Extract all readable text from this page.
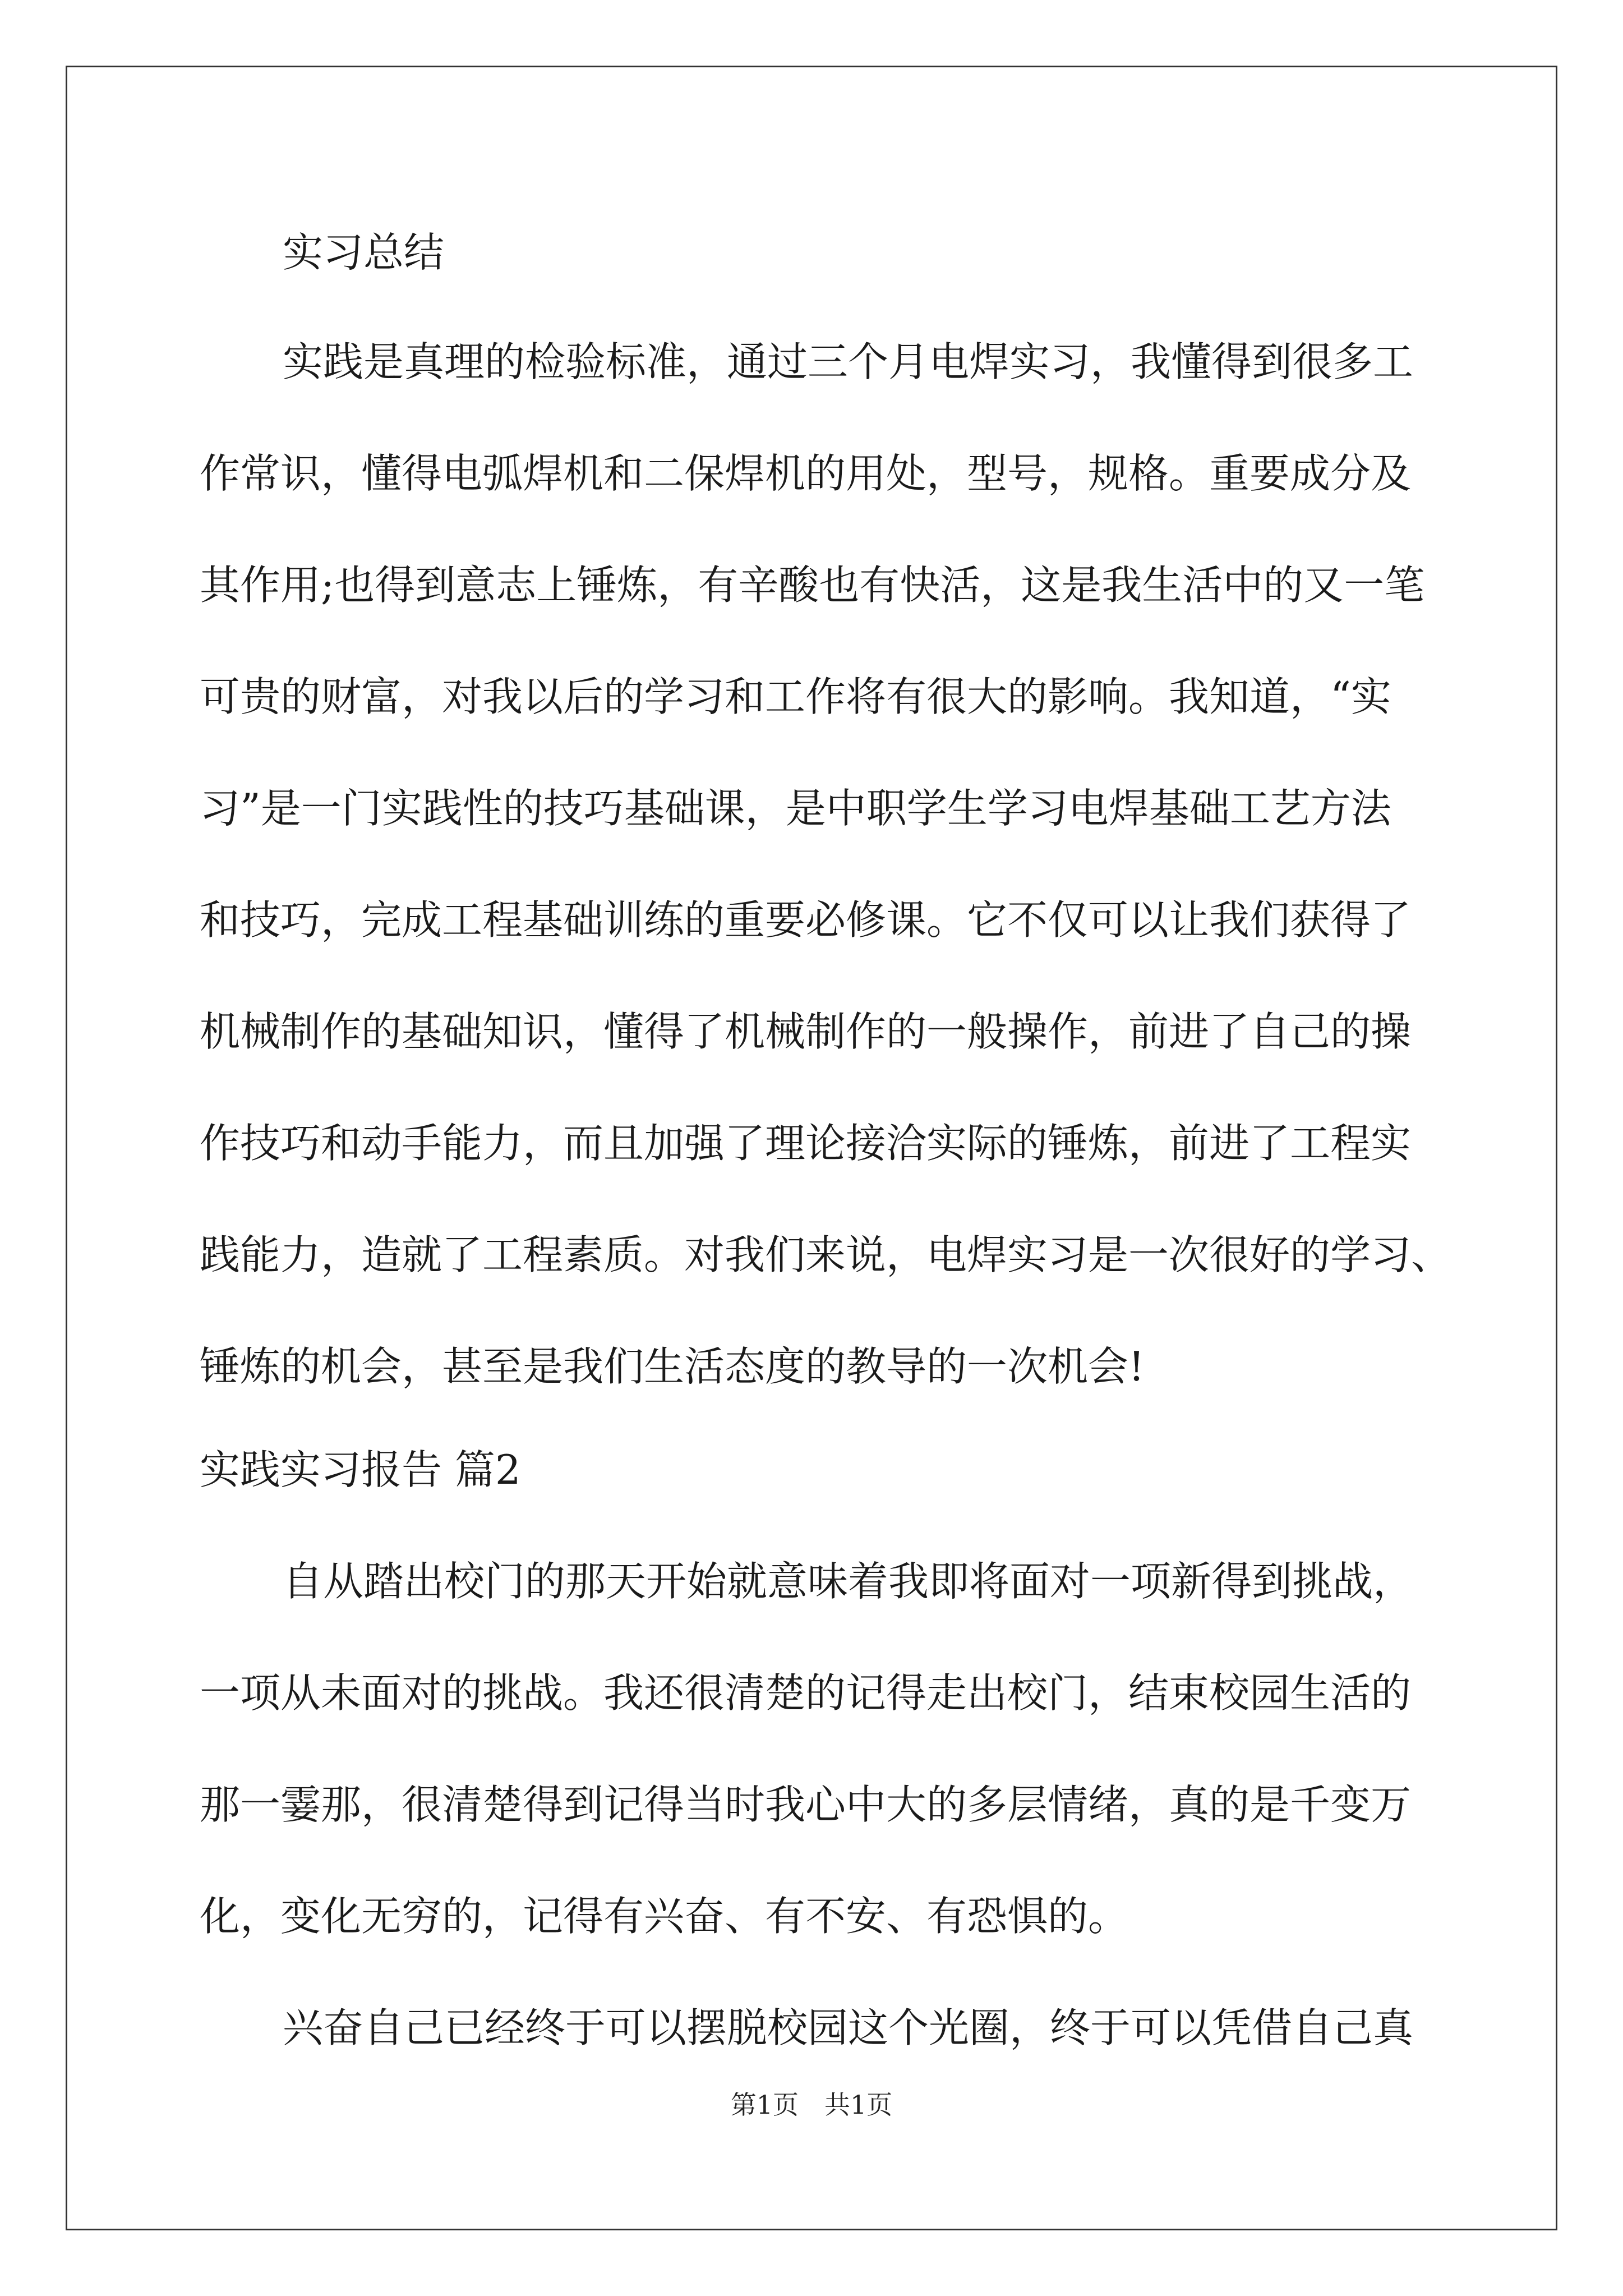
实习总结
实践是真理的检验标准，通过三个月电焊实习，我懂得到很多工
作常识，懂得电弧焊机和二保焊机的用处，型号，规格。重要成分及
其作用;也得到意志上锤炼，有辛酸也有快活，这是我生活中的又一笔
可贵的财富，对我以后的学习和工作将有很大的影响。我知道，“实
习”是一门实践性的技巧基础课，是中职学生学习电焊基础工艺方法
和技巧，完成工程基础训练的重要必修课。它不仅可以让我们获得了
机械制作的基础知识，懂得了机械制作的一般操作，前进了自己的操
作技巧和动手能力，而且加强了理论接洽实际的锤炼，前进了工程实
践能力，造就了工程素质。对我们来说，电焊实习是一次很好的学习、
锤炼的机会，甚至是我们生活态度的教导的一次机会!
实践实习报告 篇2
自从踏出校门的那天开始就意味着我即将面对一项新得到挑战，
一项从未面对的挑战。我还很清楚的记得走出校门，结束校园生活的
那一霎那，很清楚得到记得当时我心中大的多层情绪，真的是千变万
化，变化无穷的，记得有兴奋、有不安、有恐惧的。
兴奋自己已经终于可以摆脱校园这个光圈，终于可以凭借自己真
第1页　共1页
